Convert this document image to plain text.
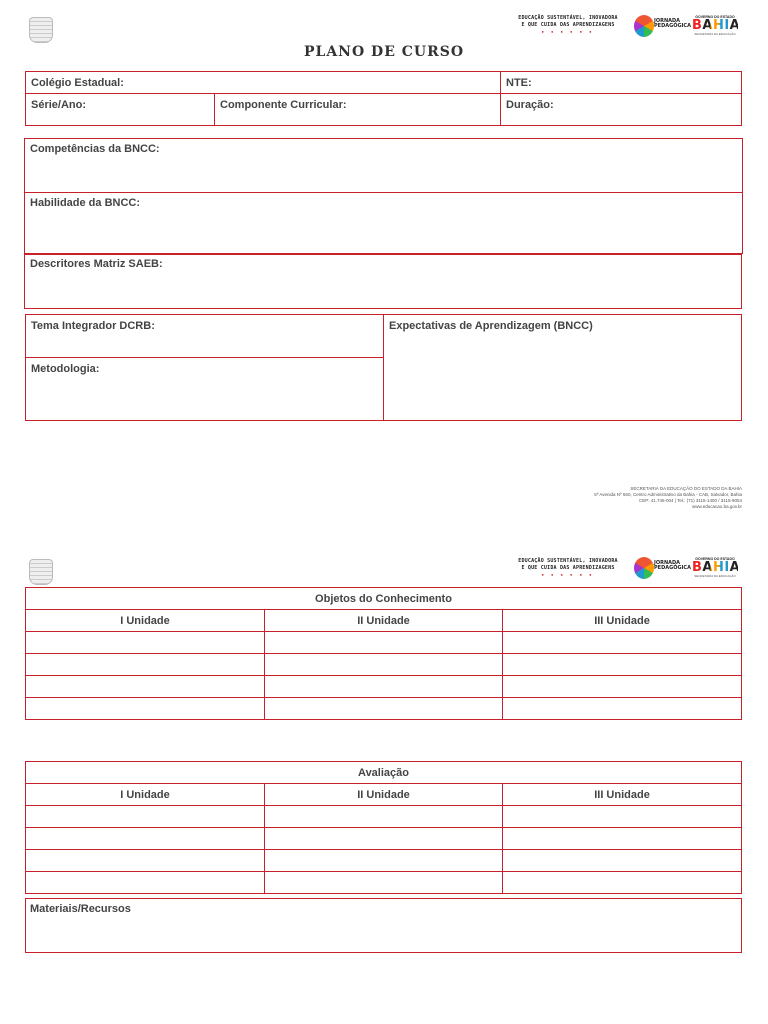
EDUCAÇÃO SUSTENTÁVEL, INOVADORA
E QUE CUIDA DAS APRENDIZAGENS
● ● ● ● ● ●
JORNADA
PEDAGÓGICA
GOVERNO DO ESTADO
BAHIA
SECRETARIA DA EDUCAÇÃO
PLANO DE CURSO
Colégio Estadual:	NTE:
Série/Ano:	Componente Curricular:	Duração:
Competências da BNCC:
Habilidade da BNCC:
Descritores Matriz SAEB:
Tema Integrador DCRB:	Expectativas de Aprendizagem (BNCC)
Metodologia:
SECRETARIA DA EDUCAÇÃO DO ESTADO DA BAHIA
5ª Avenida Nº 550, Centro Administrativo da Bahia - CAB, Salvador, Bahia
CEP: 41.745-004 | Tel.: (71) 3115-1400 / 3115-9054
www.educacao.ba.gov.br
EDUCAÇÃO SUSTENTÁVEL, INOVADORA
E QUE CUIDA DAS APRENDIZAGENS
● ● ● ● ● ●
JORNADA
PEDAGÓGICA
GOVERNO DO ESTADO
BAHIA
SECRETARIA DA EDUCAÇÃO
Objetos do Conhecimento		
I Unidade	II Unidade	III Unidade

Avaliação		
I Unidade	II Unidade	III Unidade

Materiais/Recursos
